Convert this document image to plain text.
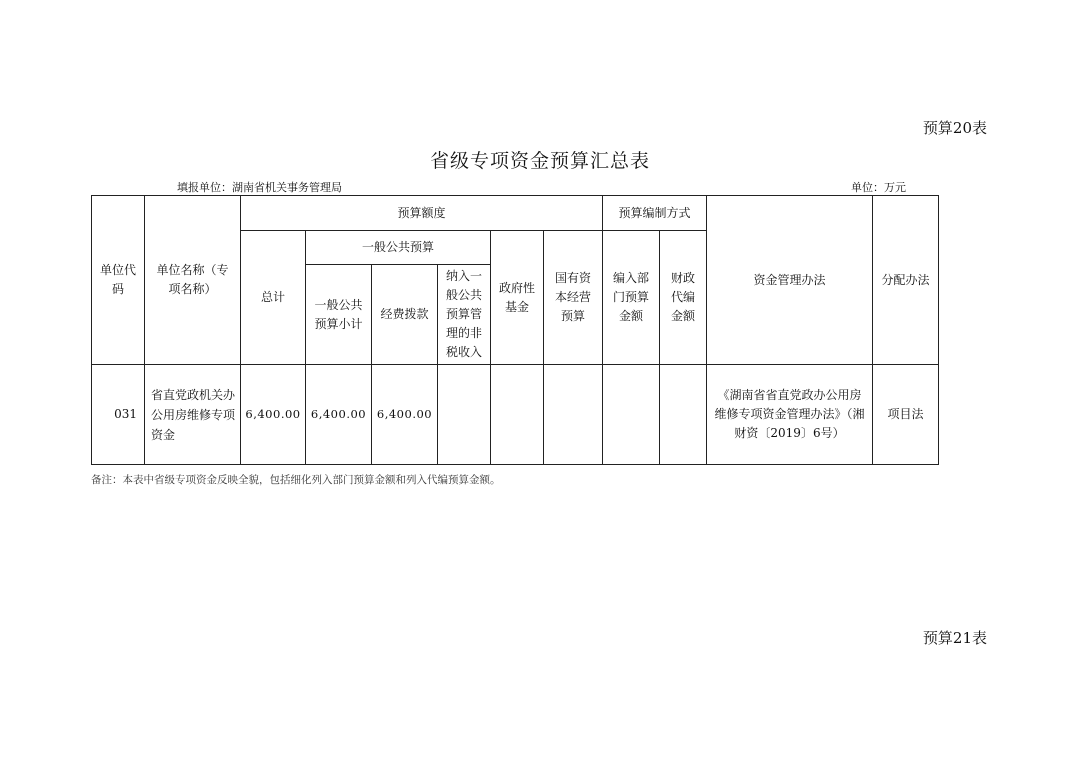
预算20表
省级专项资金预算汇总表
填报单位：湖南省机关事务管理局	单位：万元
单位代码	单位名称（专项名称）	预算额度						预算编制方式		资金管理办法	分配办法
		总计	一般公共预算			政府性基金	国有资本经营预算	编入部门预算金额	财政代编金额		
			一般公共预算小计	经费拨款	纳入一般公共预算管理的非税收入						

031	省直党政机关办公用房维修专项资金	6,400.00	6,400.00	6,400.00						《湖南省省直党政办公用房维修专项资金管理办法》（湘财资〔2019〕6号）	项目法
备注：本表中省级专项资金反映全貌，包括细化列入部门预算金额和列入代编预算金额。
预算21表
